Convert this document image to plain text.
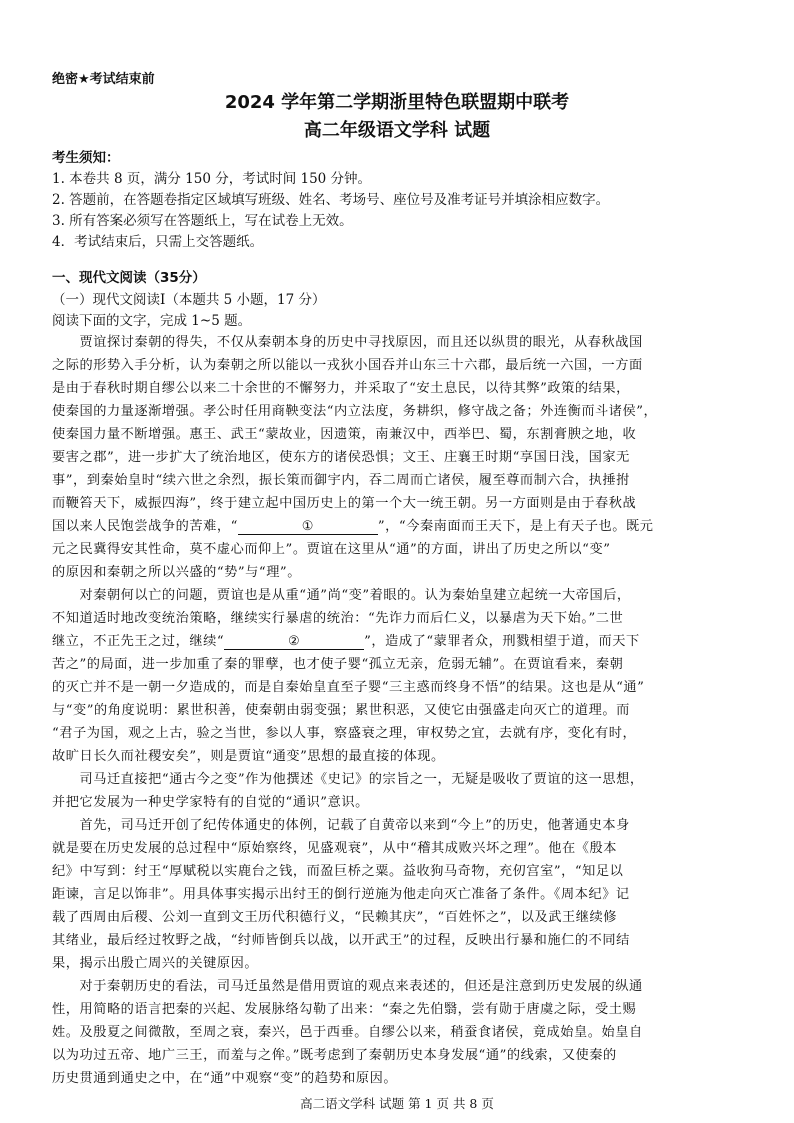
绝密★考试结束前
2024 学年第二学期浙里特色联盟期中联考
高二年级语文学科 试题
考生须知：
1. 本卷共 8 页，满分 150 分，考试时间 150 分钟。
2. 答题前，在答题卷指定区域填写班级、姓名、考场号、座位号及准考证号并填涂相应数字。
3. 所有答案必须写在答题纸上，写在试卷上无效。
4．考试结束后，只需上交答题纸。
一、现代文阅读（35分）
（一）现代文阅读Ⅰ（本题共 5 小题，17 分）
阅读下面的文字，完成 1~5 题。
　　贾谊探讨秦朝的得失，不仅从秦朝本身的历史中寻找原因，而且还以纵贯的眼光，从春秋战国
之际的形势入手分析，认为秦朝之所以能以一戎狄小国吞并山东三十六郡，最后统一六国，一方面
是由于春秋时期自缪公以来二十余世的不懈努力，并采取了“安土息民，以待其弊”政策的结果，
使秦国的力量逐渐增强。孝公时任用商鞅变法“内立法度，务耕织，修守战之备；外连衡而斗诸侯”，
使秦国力量不断增强。惠王、武王“蒙故业，因遗策，南兼汉中，西举巴、蜀，东割膏腴之地，收
要害之郡”，进一步扩大了统治地区，使东方的诸侯恐惧；文王、庄襄王时期“享国日浅，国家无
事”，到秦始皇时“续六世之余烈，振长策而御宇内，吞二周而亡诸侯，履至尊而制六合，执捶拊
而鞭笞天下，威振四海”，终于建立起中国历史上的第一个大一统王朝。另一方面则是由于春秋战
国以来人民饱尝战争的苦难，“	①	”，“今秦南面而王天下，是上有天子也。既元
元之民冀得安其性命，莫不虚心而仰上”。贾谊在这里从“通”的方面，讲出了历史之所以“变”
的原因和秦朝之所以兴盛的“势”与“理”。
　　对秦朝何以亡的问题，贾谊也是从重“通”尚“变”着眼的。认为秦始皇建立起统一大帝国后，
不知道适时地改变统治策略，继续实行暴虐的统治：“先诈力而后仁义，以暴虐为天下始。”二世
继立，不正先王之过，继续“	②	”，造成了“蒙罪者众，刑戮相望于道，而天下
苦之”的局面，进一步加重了秦的罪孽，也才使子婴“孤立无亲，危弱无辅”。在贾谊看来，秦朝
的灭亡并不是一朝一夕造成的，而是自秦始皇直至子婴“三主惑而终身不悟”的结果。这也是从“通”
与“变”的角度说明：累世积善，使秦朝由弱变强；累世积恶，又使它由强盛走向灭亡的道理。而
“君子为国，观之上古，验之当世，参以人事，察盛衰之理，审权势之宜，去就有序，变化有时，
故旷日长久而社稷安矣”，则是贾谊“通变”思想的最直接的体现。
　　司马迁直接把“通古今之变”作为他撰述《史记》的宗旨之一，无疑是吸收了贾谊的这一思想，
并把它发展为一种史学家特有的自觉的“通识”意识。
　　首先，司马迁开创了纪传体通史的体例，记载了自黄帝以来到“今上”的历史，他著通史本身
就是要在历史发展的总过程中“原始察终，见盛观衰”，从中“稽其成败兴坏之理”。他在《殷本
纪》中写到：纣王“厚赋税以实鹿台之钱，而盈巨桥之粟。益收狗马奇物，充仞宫室”，“知足以
距谏，言足以饰非”。用具体事实揭示出纣王的倒行逆施为他走向灭亡准备了条件。《周本纪》记
载了西周由后稷、公刘一直到文王历代积德行义，“民赖其庆”，“百姓怀之”，以及武王继续修
其绪业，最后经过牧野之战，“纣师皆倒兵以战，以开武王”的过程，反映出行暴和施仁的不同结
果，揭示出殷亡周兴的关键原因。
　　对于秦朝历史的看法，司马迁虽然是借用贾谊的观点来表述的，但还是注意到历史发展的纵通
性，用简略的语言把秦的兴起、发展脉络勾勒了出来：“秦之先伯翳，尝有勋于唐虞之际，受土赐
姓。及殷夏之间微散，至周之衰，秦兴，邑于西垂。自缪公以来，稍蚕食诸侯，竟成始皇。始皇自
以为功过五帝、地广三王，而羞与之侔。”既考虑到了秦朝历史本身发展“通”的线索，又使秦的
历史贯通到通史之中，在“通”中观察“变”的趋势和原因。
高二语文学科 试题 第 1 页 共 8 页
